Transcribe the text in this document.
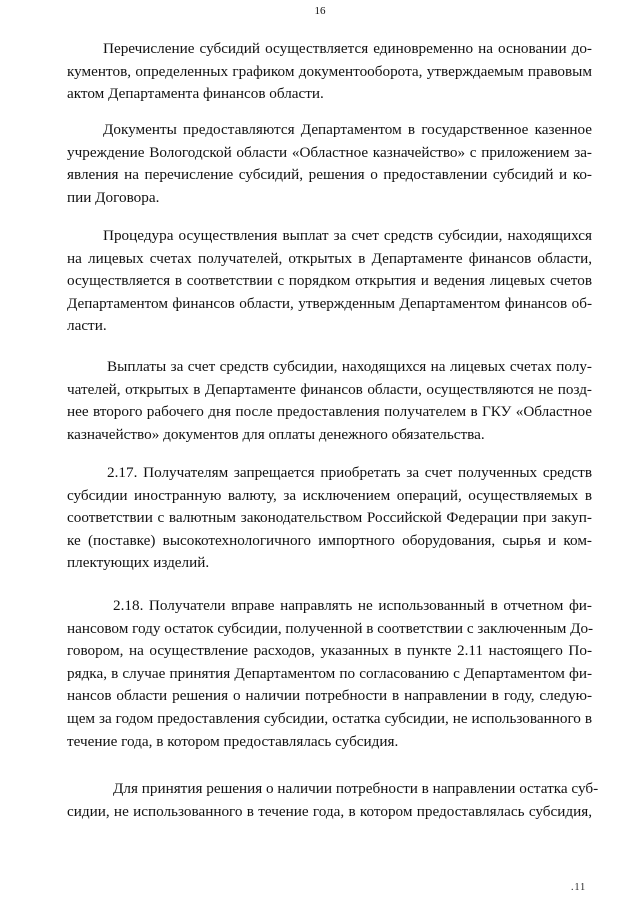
16
Перечисление субсидий осуществляется единовременно на основании до-
кументов, определенных графиком документооборота, утверждаемым правовым
актом Департамента финансов области.
Документы предоставляются Департаментом в государственное казенное
учреждение Вологодской области «Областное казначейство» с приложением за-
явления на перечисление субсидий, решения о предоставлении субсидий и ко-
пии Договора.
Процедура осуществления выплат за счет средств субсидии, находящихся
на лицевых счетах получателей, открытых в Департаменте финансов области,
осуществляется в соответствии с порядком открытия и ведения лицевых счетов
Департаментом финансов области, утвержденным Департаментом финансов об-
ласти.
Выплаты за счет средств субсидии, находящихся на лицевых счетах полу-
чателей, открытых в Департаменте финансов области, осуществляются не позд-
нее второго рабочего дня после предоставления получателем в ГКУ «Областное
казначейство» документов для оплаты денежного обязательства.
2.17. Получателям запрещается приобретать за счет полученных средств
субсидии иностранную валюту, за исключением операций, осуществляемых в
соответствии с валютным законодательством Российской Федерации при закуп-
ке (поставке) высокотехнологичного импортного оборудования, сырья и ком-
плектующих изделий.
2.18. Получатели вправе направлять не использованный в отчетном фи-
нансовом году остаток субсидии, полученной в соответствии с заключенным До-
говором, на осуществление расходов, указанных в пункте 2.11 настоящего По-
рядка, в случае принятия Департаментом по согласованию с Департаментом фи-
нансов области решения о наличии потребности в направлении в году, следую-
щем за годом предоставления субсидии, остатка субсидии, не использованного в
течение года, в котором предоставлялась субсидия.
Для принятия решения о наличии потребности в направлении остатка суб-
сидии, не использованного в течение года, в котором предоставлялась субсидия,
.11
